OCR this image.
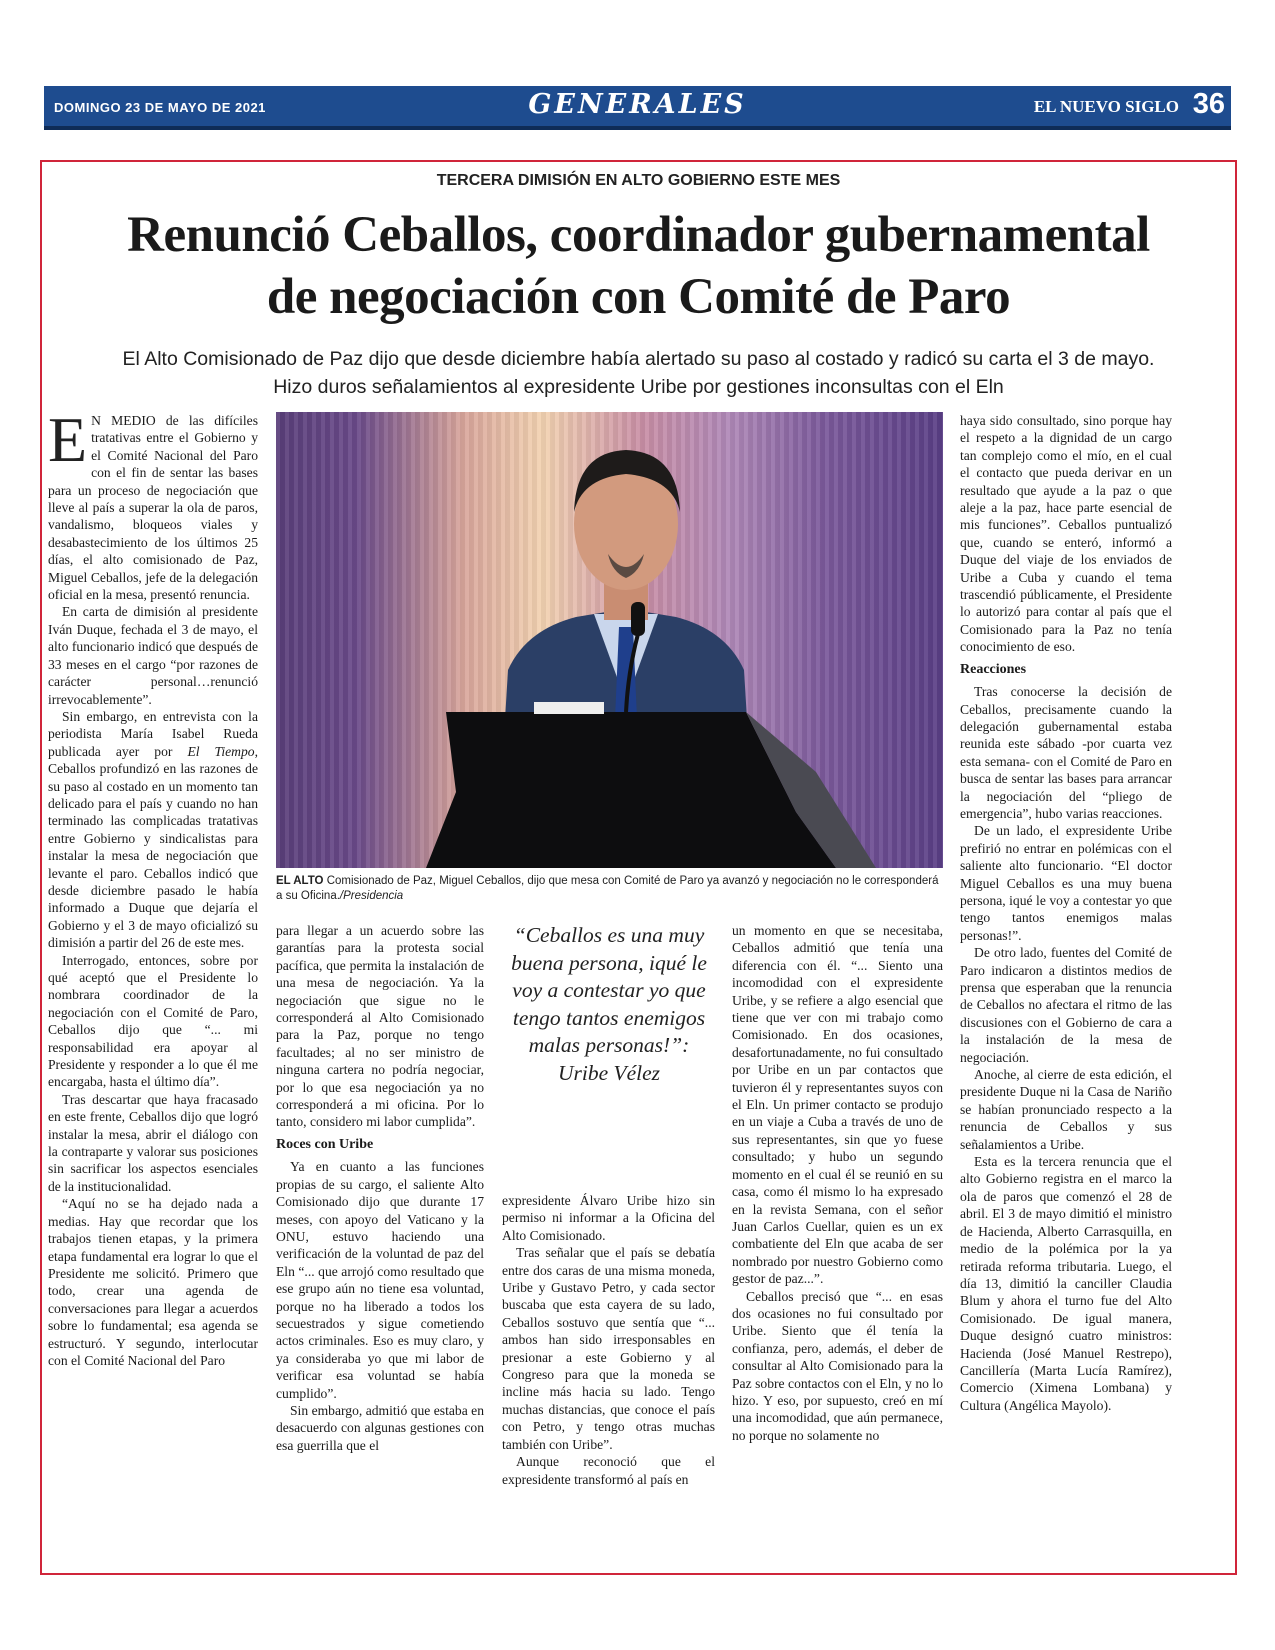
DOMINGO 23 DE MAYO DE 2021	GENERALES	EL NUEVO SIGLO 36
TERCERA DIMISIÓN EN ALTO GOBIERNO ESTE MES
Renunció Ceballos, coordinador gubernamental
de negociación con Comité de Paro
El Alto Comisionado de Paz dijo que desde diciembre había alertado su paso al costado y radicó su carta el 3 de mayo.
Hizo duros señalamientos al expresidente Uribe por gestiones inconsultas con el Eln

E N MEDIO de las difíciles tratativas entre el Gobierno y el Comité Nacional del Paro con el fin de sentar las bases para un proceso de negociación que lleve al país a superar la ola de paros, vandalismo, bloqueos viales y desabastecimiento de los últimos 25 días, el alto comisionado de Paz, Miguel Ceballos, jefe de la delegación oficial en la mesa, presentó renuncia.

En carta de dimisión al presidente Iván Duque, fechada el 3 de mayo, el alto funcionario indicó que después de 33 meses en el cargo “por razones de carácter personal…renunció irrevocablemente”.

Sin embargo, en entrevista con la periodista María Isabel Rueda publicada ayer por El Tiempo, Ceballos profundizó en las razones de su paso al costado en un momento tan delicado para el país y cuando no han terminado las complicadas tratativas entre Gobierno y sindicalistas para instalar la mesa de negociación que levante el paro. Ceballos indicó que desde diciembre pasado le había informado a Duque que dejaría el Gobierno y el 3 de mayo oficializó su dimisión a partir del 26 de este mes.

Interrogado, entonces, sobre por qué aceptó que el Presidente lo nombrara coordinador de la negociación con el Comité de Paro, Ceballos dijo que “... mi responsabilidad era apoyar al Presidente y responder a lo que él me encargaba, hasta el último día”.

Tras descartar que haya fracasado en este frente, Ceballos dijo que logró instalar la mesa, abrir el diálogo con la contraparte y valorar sus posiciones sin sacrificar los aspectos esenciales de la institucionalidad.

“Aquí no se ha dejado nada a medias. Hay que recordar que los trabajos tienen etapas, y la primera etapa fundamental era lograr lo que el Presidente me solicitó. Primero que todo, crear una agenda de conversaciones para llegar a acuerdos sobre lo fundamental; esa agenda se estructuró. Y segundo, interlocutar con el Comité Nacional del Paro

EL ALTO Comisionado de Paz, Miguel Ceballos, dijo que mesa con Comité de Paro ya avanzó y negociación no le corresponderá a su Oficina./Presidencia

para llegar a un acuerdo sobre las garantías para la protesta social pacífica, que permita la instalación de una mesa de negociación. Ya la negociación que sigue no le corresponderá al Alto Comisionado para la Paz, porque no tengo facultades; al no ser ministro de ninguna cartera no podría negociar, por lo que esa negociación ya no corresponderá a mi oficina. Por lo tanto, considero mi labor cumplida”.

Roces con Uribe

Ya en cuanto a las funciones propias de su cargo, el saliente Alto Comisionado dijo que durante 17 meses, con apoyo del Vaticano y la ONU, estuvo haciendo una verificación de la voluntad de paz del Eln “... que arrojó como resultado que ese grupo aún no tiene esa voluntad, porque no ha liberado a todos los secuestrados y sigue cometiendo actos criminales. Eso es muy claro, y ya consideraba yo que mi labor de verificar esa voluntad se había cumplido”.

Sin embargo, admitió que estaba en desacuerdo con algunas gestiones con esa guerrilla que el

“Ceballos es una muy buena persona, iqué le voy a contestar yo que tengo tantos enemigos malas personas!”: Uribe Vélez

expresidente Álvaro Uribe hizo sin permiso ni informar a la Oficina del Alto Comisionado.

Tras señalar que el país se debatía entre dos caras de una misma moneda, Uribe y Gustavo Petro, y cada sector buscaba que esta cayera de su lado, Ceballos sostuvo que sentía que “... ambos han sido irresponsables en presionar a este Gobierno y al Congreso para que la moneda se incline más hacia su lado. Tengo muchas distancias, que conoce el país con Petro, y tengo otras muchas también con Uribe”.

Aunque reconoció que el expresidente transformó al país en

un momento en que se necesitaba, Ceballos admitió que tenía una diferencia con él. “... Siento una incomodidad con el expresidente Uribe, y se refiere a algo esencial que tiene que ver con mi trabajo como Comisionado. En dos ocasiones, desafortunadamente, no fui consultado por Uribe en un par contactos que tuvieron él y representantes suyos con el Eln. Un primer contacto se produjo en un viaje a Cuba a través de uno de sus representantes, sin que yo fuese consultado; y hubo un segundo momento en el cual él se reunió en su casa, como él mismo lo ha expresado en la revista Semana, con el señor Juan Carlos Cuellar, quien es un ex combatiente del Eln que acaba de ser nombrado por nuestro Gobierno como gestor de paz...”.

Ceballos precisó que “... en esas dos ocasiones no fui consultado por Uribe. Siento que él tenía la confianza, pero, además, el deber de consultar al Alto Comisionado para la Paz sobre contactos con el Eln, y no lo hizo. Y eso, por supuesto, creó en mí una incomodidad, que aún permanece, no porque no solamente no

haya sido consultado, sino porque hay el respeto a la dignidad de un cargo tan complejo como el mío, en el cual el contacto que pueda derivar en un resultado que ayude a la paz o que aleje a la paz, hace parte esencial de mis funciones”. Ceballos puntualizó que, cuando se enteró, informó a Duque del viaje de los enviados de Uribe a Cuba y cuando el tema trascendió públicamente, el Presidente lo autorizó para contar al país que el Comisionado para la Paz no tenía conocimiento de eso.

Reacciones

Tras conocerse la decisión de Ceballos, precisamente cuando la delegación gubernamental estaba reunida este sábado -por cuarta vez esta semana- con el Comité de Paro en busca de sentar las bases para arrancar la negociación del “pliego de emergencia”, hubo varias reacciones.

De un lado, el expresidente Uribe prefirió no entrar en polémicas con el saliente alto funcionario. “El doctor Miguel Ceballos es una muy buena persona, iqué le voy a contestar yo que tengo tantos enemigos malas personas!”.

De otro lado, fuentes del Comité de Paro indicaron a distintos medios de prensa que esperaban que la renuncia de Ceballos no afectara el ritmo de las discusiones con el Gobierno de cara a la instalación de la mesa de negociación.

Anoche, al cierre de esta edición, el presidente Duque ni la Casa de Nariño se habían pronunciado respecto a la renuncia de Ceballos y sus señalamientos a Uribe.

Esta es la tercera renuncia que el alto Gobierno registra en el marco la ola de paros que comenzó el 28 de abril. El 3 de mayo dimitió el ministro de Hacienda, Alberto Carrasquilla, en medio de la polémica por la ya retirada reforma tributaria. Luego, el día 13, dimitió la canciller Claudia Blum y ahora el turno fue del Alto Comisionado. De igual manera, Duque designó cuatro ministros: Hacienda (José Manuel Restrepo), Cancillería (Marta Lucía Ramírez), Comercio (Ximena Lombana) y Cultura (Angélica Mayolo).
